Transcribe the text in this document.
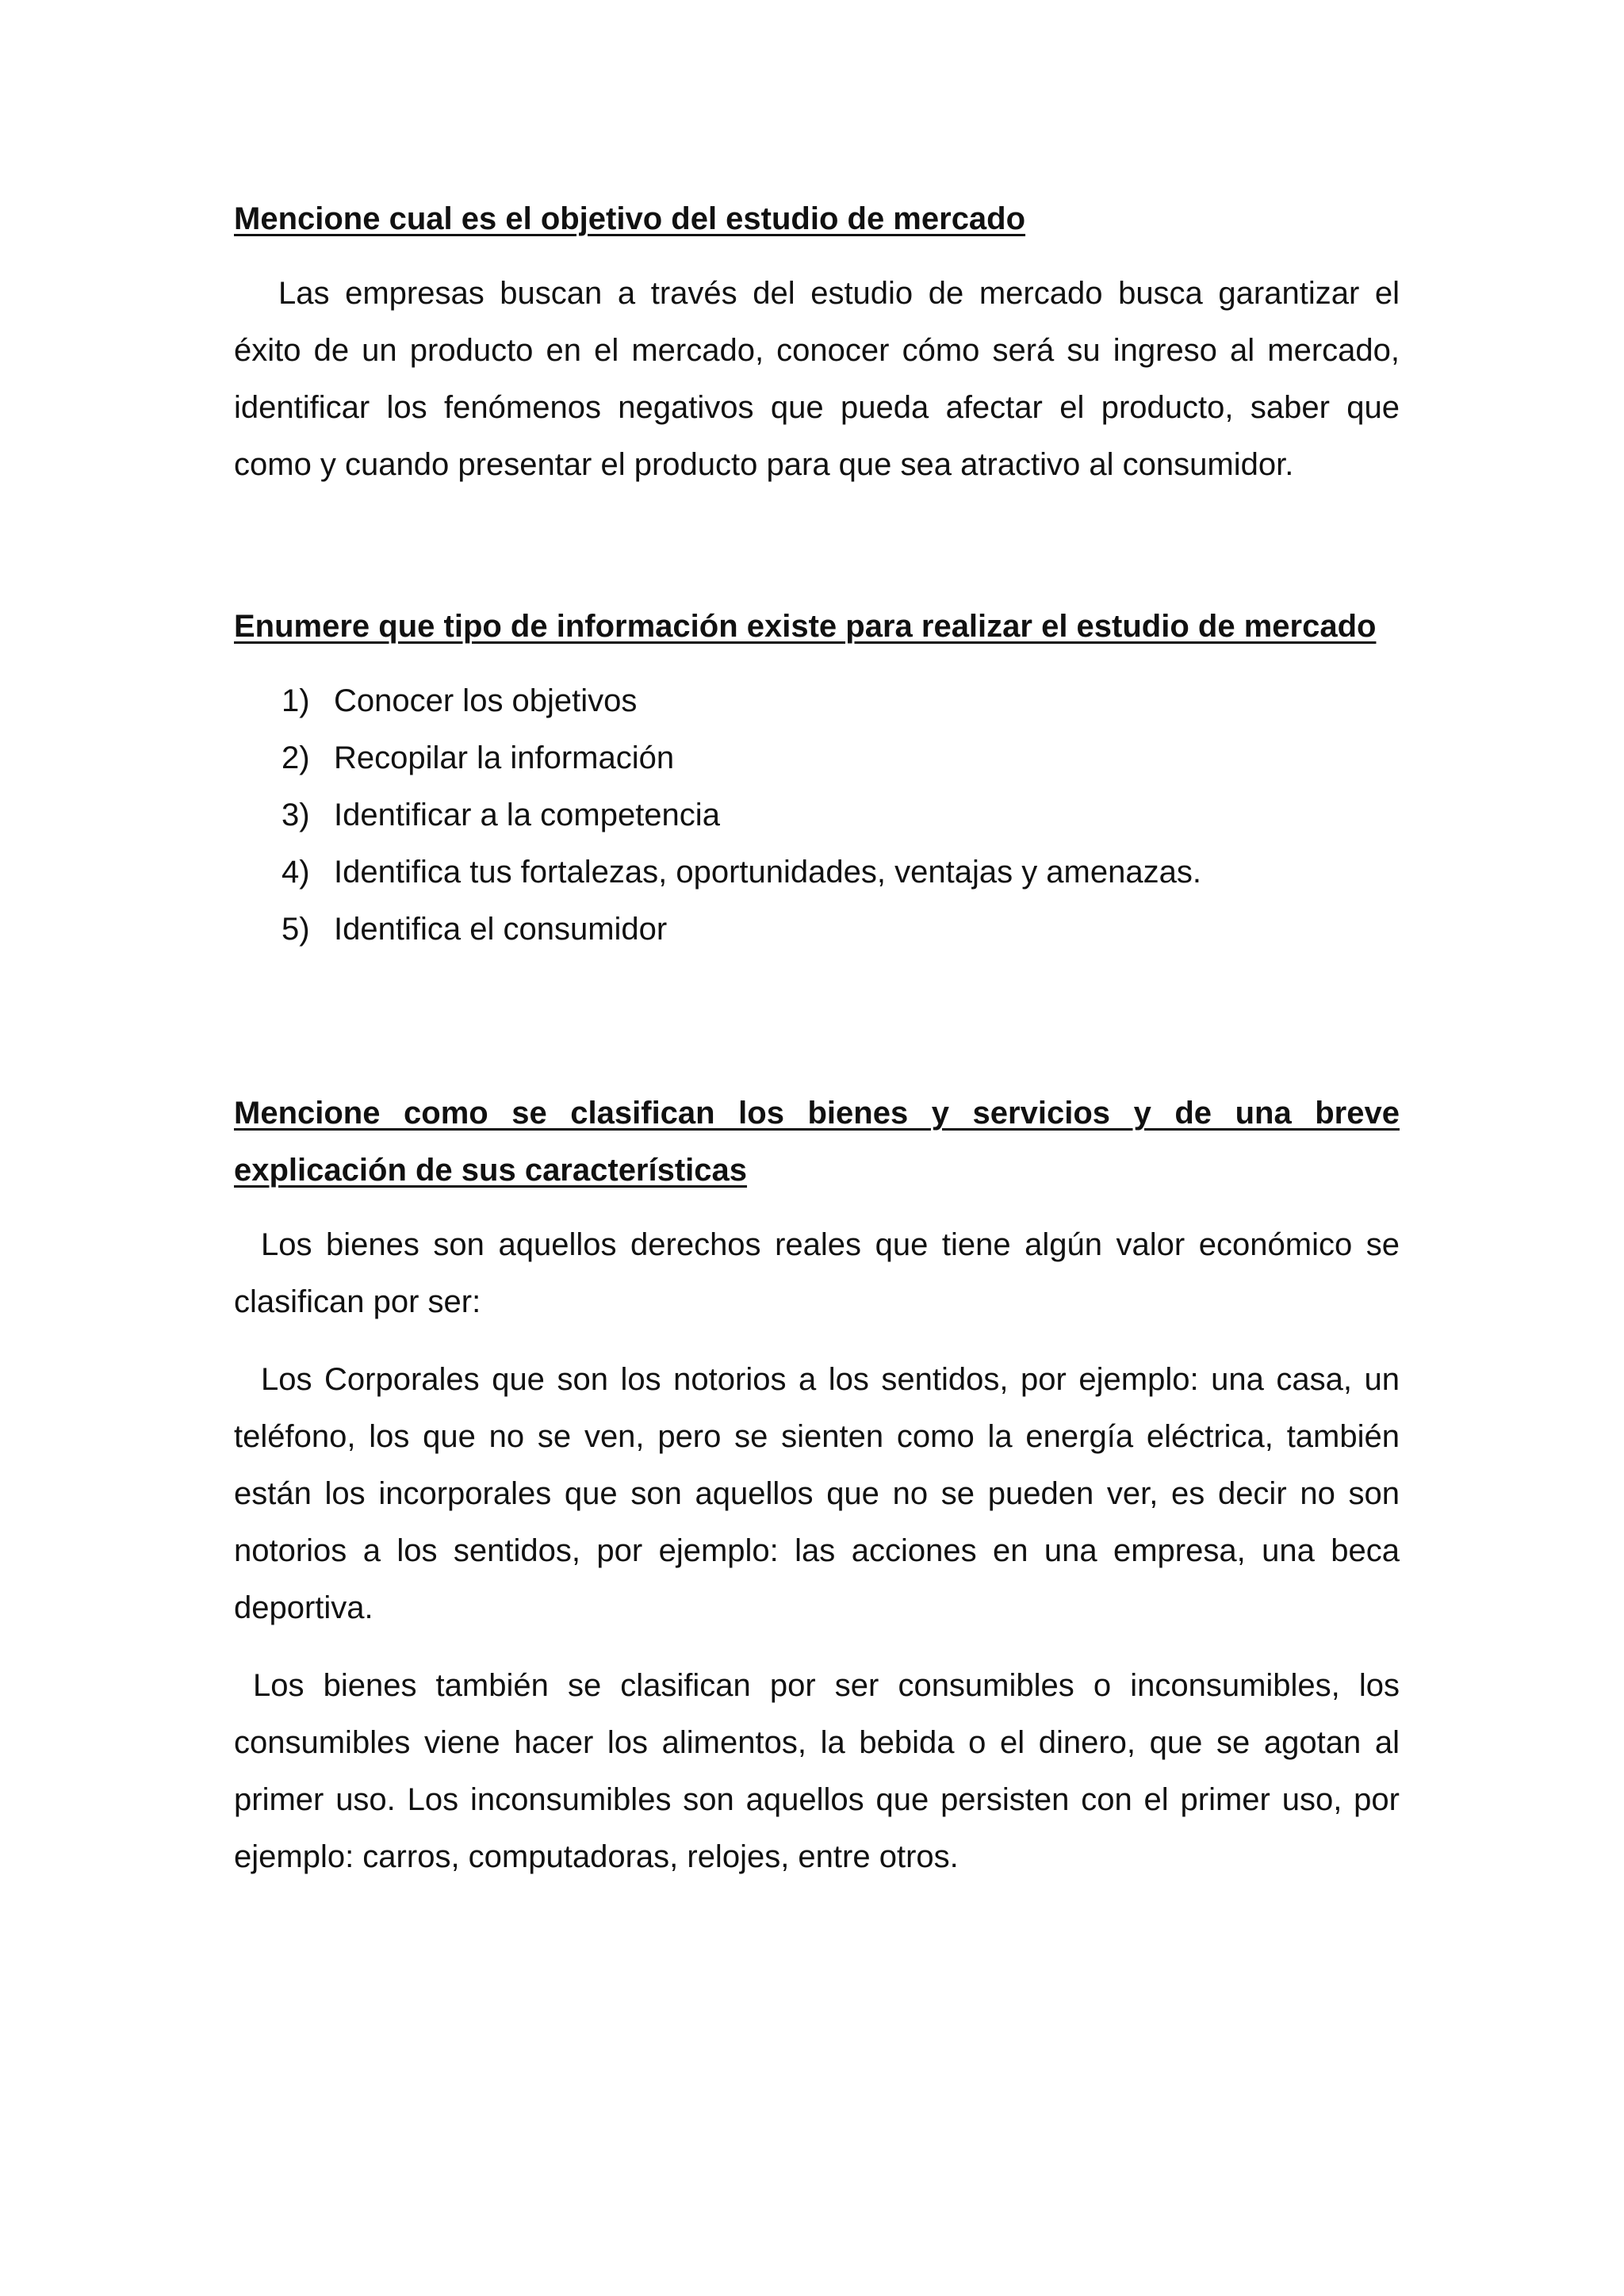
Mencione cual es el objetivo del estudio de mercado

Las empresas buscan a través del estudio de mercado busca garantizar el éxito de un producto en el mercado, conocer cómo será su ingreso al mercado, identificar los fenómenos negativos que pueda afectar el producto, saber que como y cuando presentar el producto para que sea atractivo al consumidor.

Enumere que tipo de información existe para realizar el estudio de mercado
1) Conocer los objetivos
2) Recopilar la información
3) Identificar a la competencia
4) Identifica tus fortalezas, oportunidades, ventajas y amenazas.
5) Identifica el consumidor
Mencione como se clasifican los bienes y servicios y de una breve explicación de sus características

Los bienes son aquellos derechos reales que tiene algún valor económico se clasifican por ser:

Los Corporales que son los notorios a los sentidos, por ejemplo: una casa, un teléfono, los que no se ven, pero se sienten como la energía eléctrica, también están los incorporales que son aquellos que no se pueden ver, es decir no son notorios a los sentidos, por ejemplo: las acciones en una empresa, una beca deportiva.

Los bienes también se clasifican por ser consumibles o inconsumibles, los consumibles viene hacer los alimentos, la bebida o el dinero, que se agotan al primer uso. Los inconsumibles son aquellos que persisten con el primer uso, por ejemplo: carros, computadoras, relojes, entre otros.
